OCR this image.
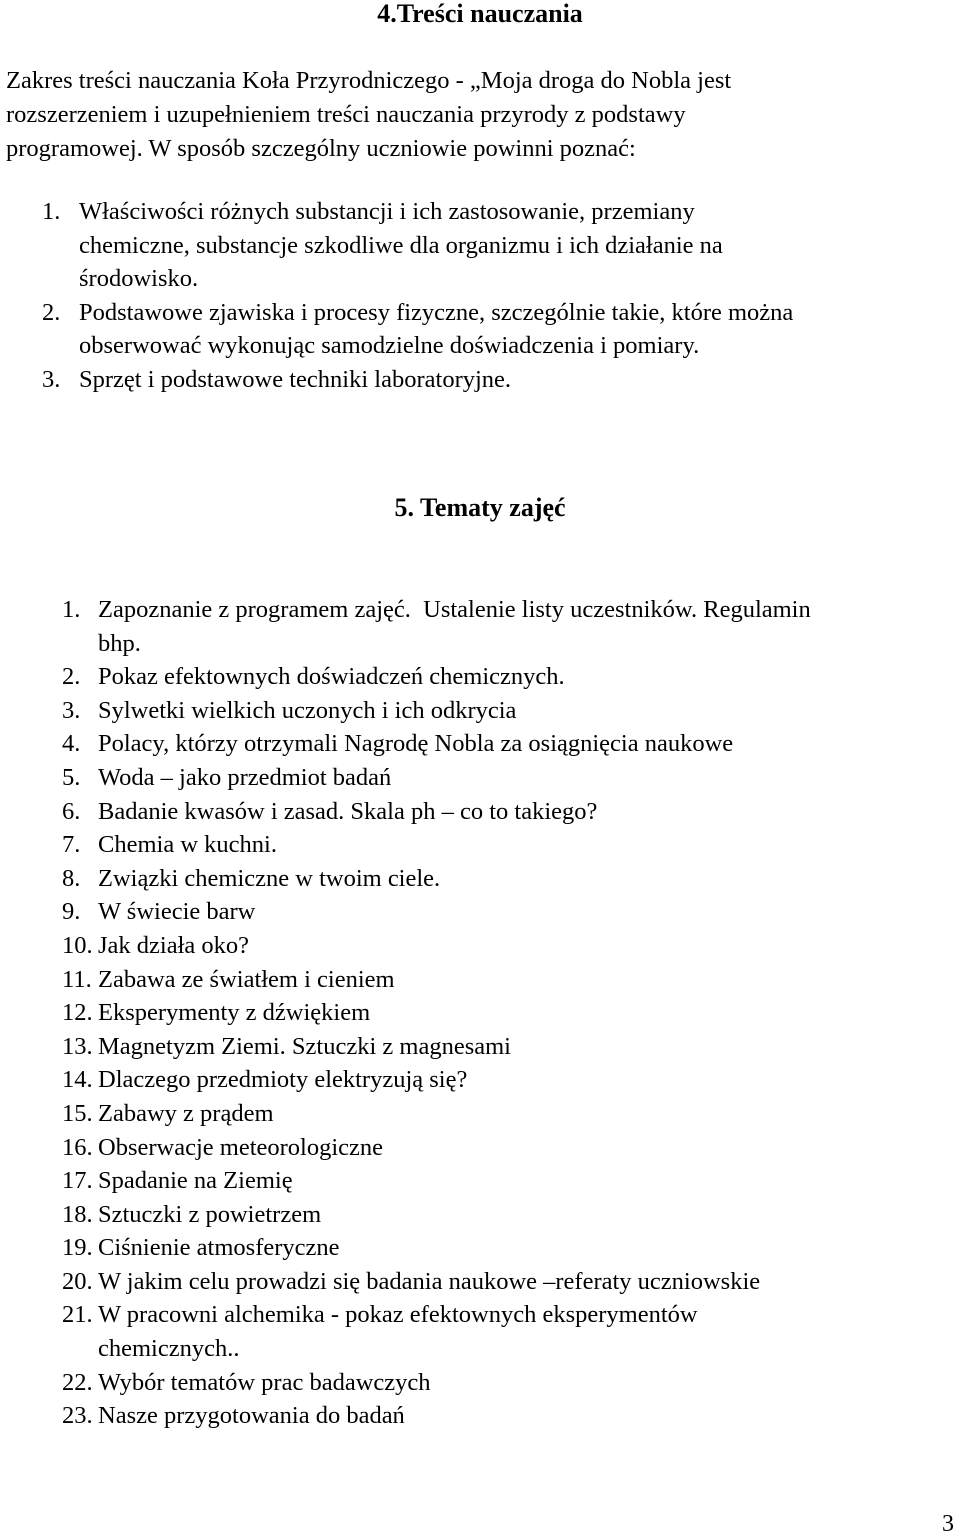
4.Treści nauczania

Zakres treści nauczania Koła Przyrodniczego - „Moja droga do Nobla jest

rozszerzeniem i uzupełnieniem treści nauczania przyrody z podstawy

programowej. W sposób szczególny uczniowie powinni poznać:

1. Właściwości różnych substancji i ich zastosowanie, przemiany
chemiczne, substancje szkodliwe dla organizmu i ich działanie na
środowisko.
2. Podstawowe zjawiska i procesy fizyczne, szczególnie takie, które można
obserwować wykonując samodzielne doświadczenia i pomiary.
3. Sprzęt i podstawowe techniki laboratoryjne.
5. Tematy zajęć
1. Zapoznanie z programem zajęć.  Ustalenie listy uczestników. Regulamin
bhp.
2. Pokaz efektownych doświadczeń chemicznych.
3. Sylwetki wielkich uczonych i ich odkrycia
4. Polacy, którzy otrzymali Nagrodę Nobla za osiągnięcia naukowe
5. Woda – jako przedmiot badań
6. Badanie kwasów i zasad. Skala ph – co to takiego?
7. Chemia w kuchni.
8. Związki chemiczne w twoim ciele.
9. W świecie barw
10. Jak działa oko?
11. Zabawa ze światłem i cieniem
12. Eksperymenty z dźwiękiem
13. Magnetyzm Ziemi. Sztuczki z magnesami
14. Dlaczego przedmioty elektryzują się?
15. Zabawy z prądem
16. Obserwacje meteorologiczne
17. Spadanie na Ziemię
18. Sztuczki z powietrzem
19. Ciśnienie atmosferyczne
20. W jakim celu prowadzi się badania naukowe –referaty uczniowskie
21. W pracowni alchemika - pokaz efektownych eksperymentów
chemicznych..
22. Wybór tematów prac badawczych
23. Nasze przygotowania do badań
3
